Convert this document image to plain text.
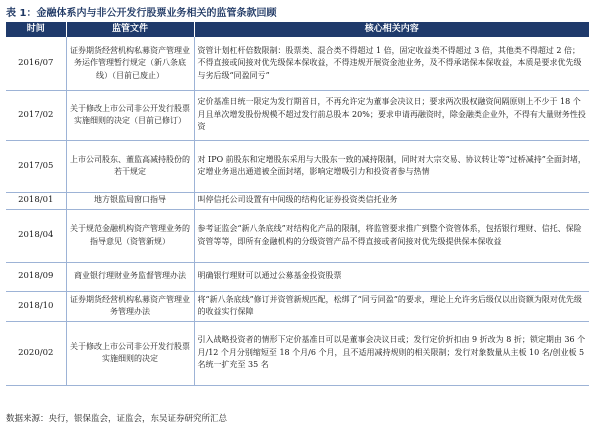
表 1：金融体系内与非公开发行股票业务相关的监管条款回顾
时间	监管文件	核心相关内容
2016/07	证券期货经营机构私募资产管理业务运作管理暂行规定（新八条底线）（目前已废止）	资管计划杠杆倍数限制：股票类、混合类不得超过 1 倍，固定收益类不得超过 3 倍，其他类不得超过 2 倍；不得直接或间接对优先级保本保收益，不得违规开展资金池业务，及不得承诺保本保收益，本质是要求优先级与劣后级“同盈同亏”
2017/02	关于修改上市公司非公开发行股票实施细则的决定（目前已修订）	定价基准日统一限定为发行期首日，不再允许定为董事会决议日；要求两次股权融资间隔原则上不少于 18 个月且单次增发股份规模不超过发行前总股本 20%；要求申请再融资时，除金融类企业外，不得有大量财务性投资
2017/05	上市公司股东、董监高减持股份的若干规定	对 IPO 前股东和定增股东采用与大股东一致的减持限制，同时对大宗交易、协议转让等“过桥减持”全面封堵，定增业务退出通道被全面封堵，影响定增吸引力和投资者参与热情
2018/01	地方银监局窗口指导	叫停信托公司设置有中间级的结构化证券投资类信托业务
2018/04	关于规范金融机构资产管理业务的指导意见（资管新规）	参考证监会“新八条底线”对结构化产品的限制，将监管要求推广到整个资管体系，包括银行理财、信托、保险资管等等，即所有金融机构的分级资管产品不得直接或者间接对优先级提供保本保收益
2018/09	商业银行理财业务监督管理办法	明确银行理财可以通过公募基金投资股票
2018/10	证券期货经营机构私募资产管理业务管理办法	将“新八条底线”修订并资管新规匹配，松绑了“同亏同盈”的要求，理论上允许劣后级仅以出资额为限对优先级的收益实行保障
2020/02	关于修改上市公司非公开发行股票实施细则的决定	引入战略投资者的情形下定价基准日可以是董事会决议日或；发行定价折扣由 9 折改为 8 折；锁定期由 36 个月/12 个月分别缩短至 18 个月/6 个月，且不适用减持规则的相关限制；发行对象数量从主板 10 名/创业板 5 名统一扩充至 35 名
数据来源：央行，银保监会，证监会，东吴证券研究所汇总
